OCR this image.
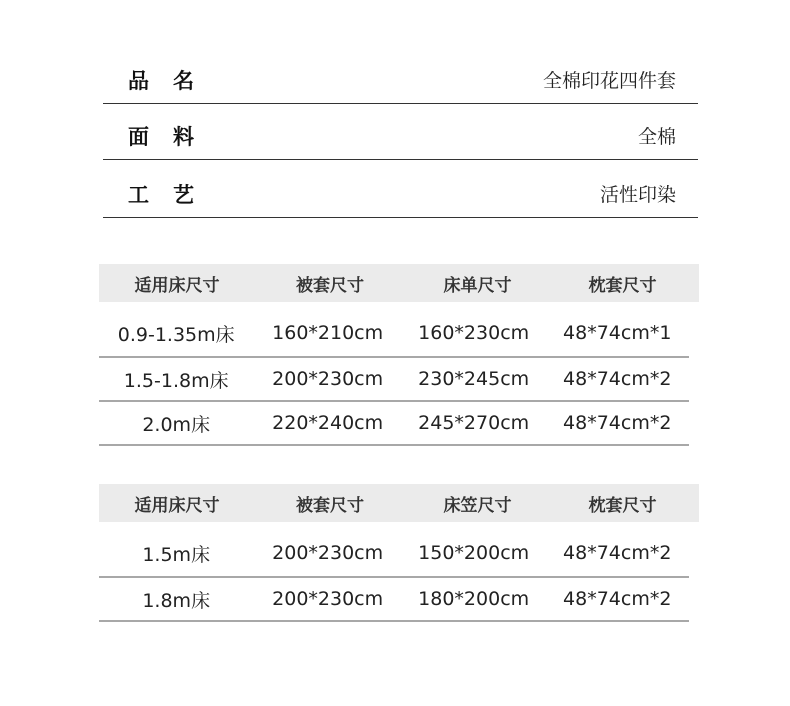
品名	全棉印花四件套
面料	全棉
工艺	活性印染
适用床尺寸	被套尺寸	床单尺寸	枕套尺寸
0.9-1.35m床	160*210cm	160*230cm	48*74cm*1
1.5-1.8m床	200*230cm	230*245cm	48*74cm*2
2.0m床	220*240cm	245*270cm	48*74cm*2
适用床尺寸	被套尺寸	床笠尺寸	枕套尺寸
1.5m床	200*230cm	150*200cm	48*74cm*2
1.8m床	200*230cm	180*200cm	48*74cm*2
